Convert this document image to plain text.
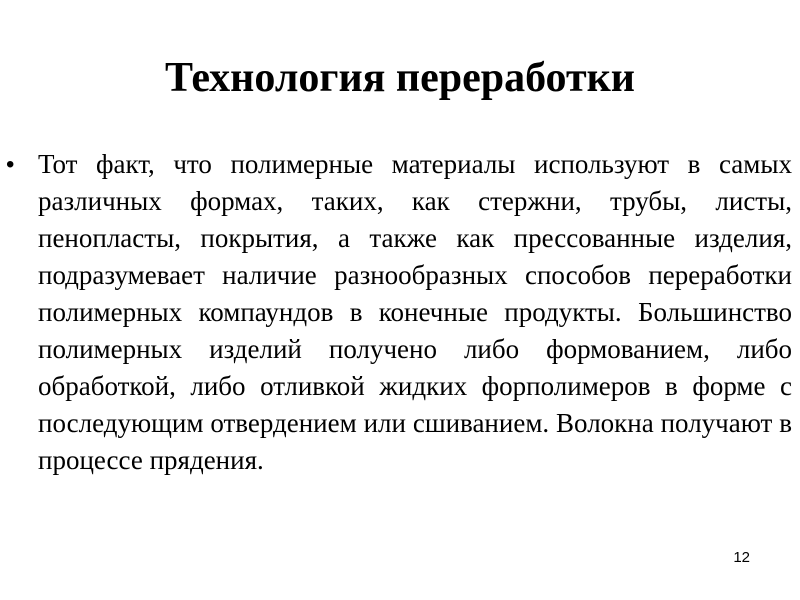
Технология переработки
• Тот факт, что полимерные материалы используют в самых различных формах, таких, как стержни, трубы, листы, пенопласты, покрытия, а также как прессованные изделия, подразумевает наличие разнообразных способов переработки полимерных компаундов в конечные продукты. Большинство полимерных изделий получено либо формованием, либо обработкой, либо отливкой жидких форполимеров в форме с последующим отвердением или сшиванием. Волокна получают в процессе прядения.

12
